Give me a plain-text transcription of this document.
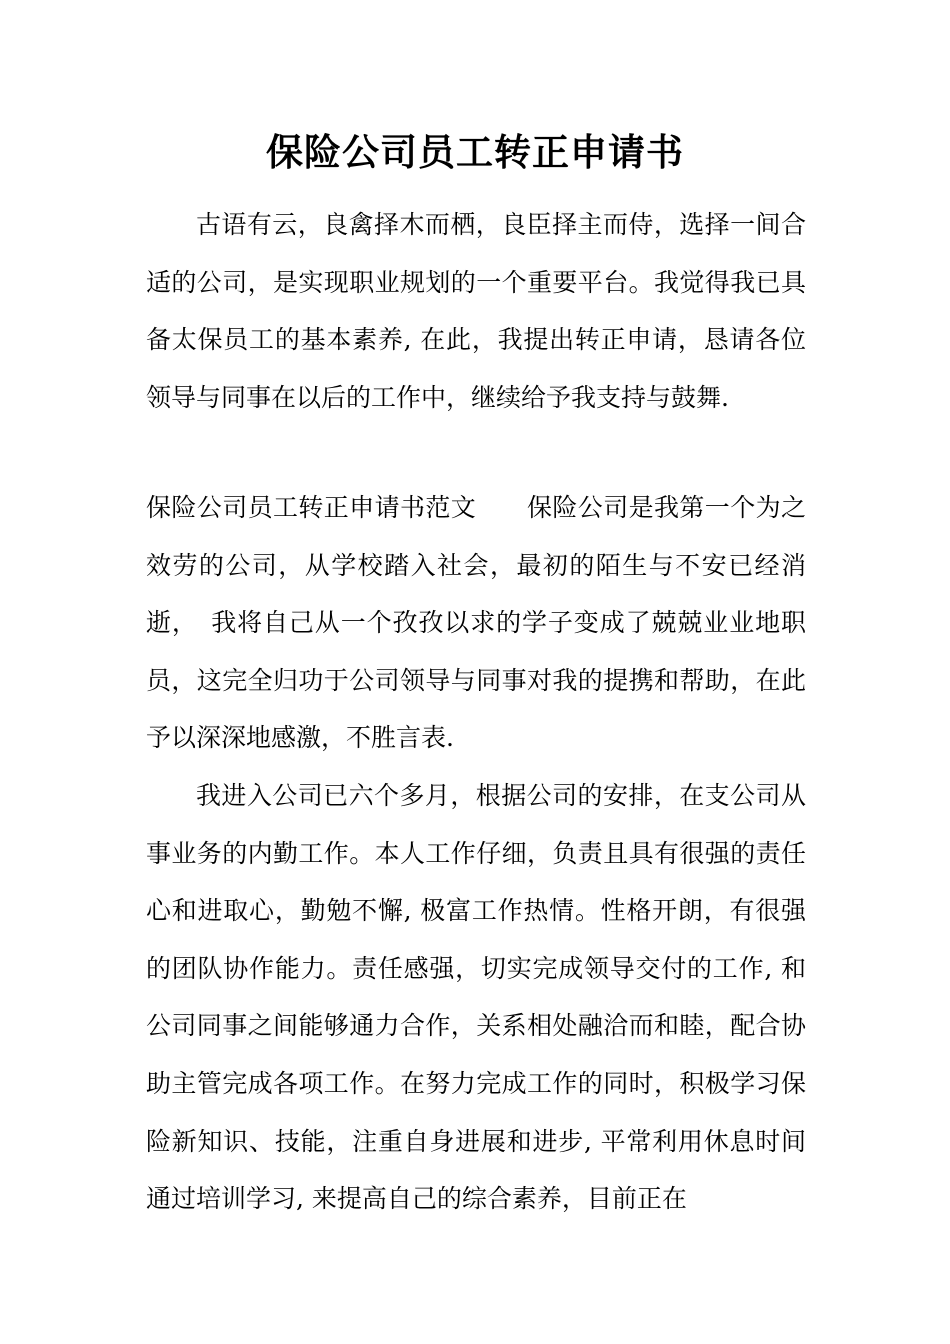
保险公司员工转正申请书

古语有云，良禽择木而栖，良臣择主而侍，选择一间合适的公司，是实现职业规划的一个重要平台。我觉得我已具备太保员工的基本素养, 在此，我提出转正申请，恳请各位领导与同事在以后的工作中，继续给予我支持与鼓舞.

保险公司员工转正申请书范文　　保险公司是我第一个为之效劳的公司，从学校踏入社会，最初的陌生与不安已经消逝，　我将自己从一个孜孜以求的学子变成了兢兢业业地职员，这完全归功于公司领导与同事对我的提携和帮助，在此予以深深地感激，不胜言表.

我进入公司已六个多月，根据公司的安排，在支公司从事业务的内勤工作。本人工作仔细，负责且具有很强的责任心和进取心，勤勉不懈, 极富工作热情。性格开朗，有很强的团队协作能力。责任感强，切实完成领导交付的工作, 和公司同事之间能够通力合作，关系相处融洽而和睦，配合协助主管完成各项工作。在努力完成工作的同时，积极学习保险新知识、技能，注重自身进展和进步, 平常利用休息时间通过培训学习, 来提高自己的综合素养，目前正在
